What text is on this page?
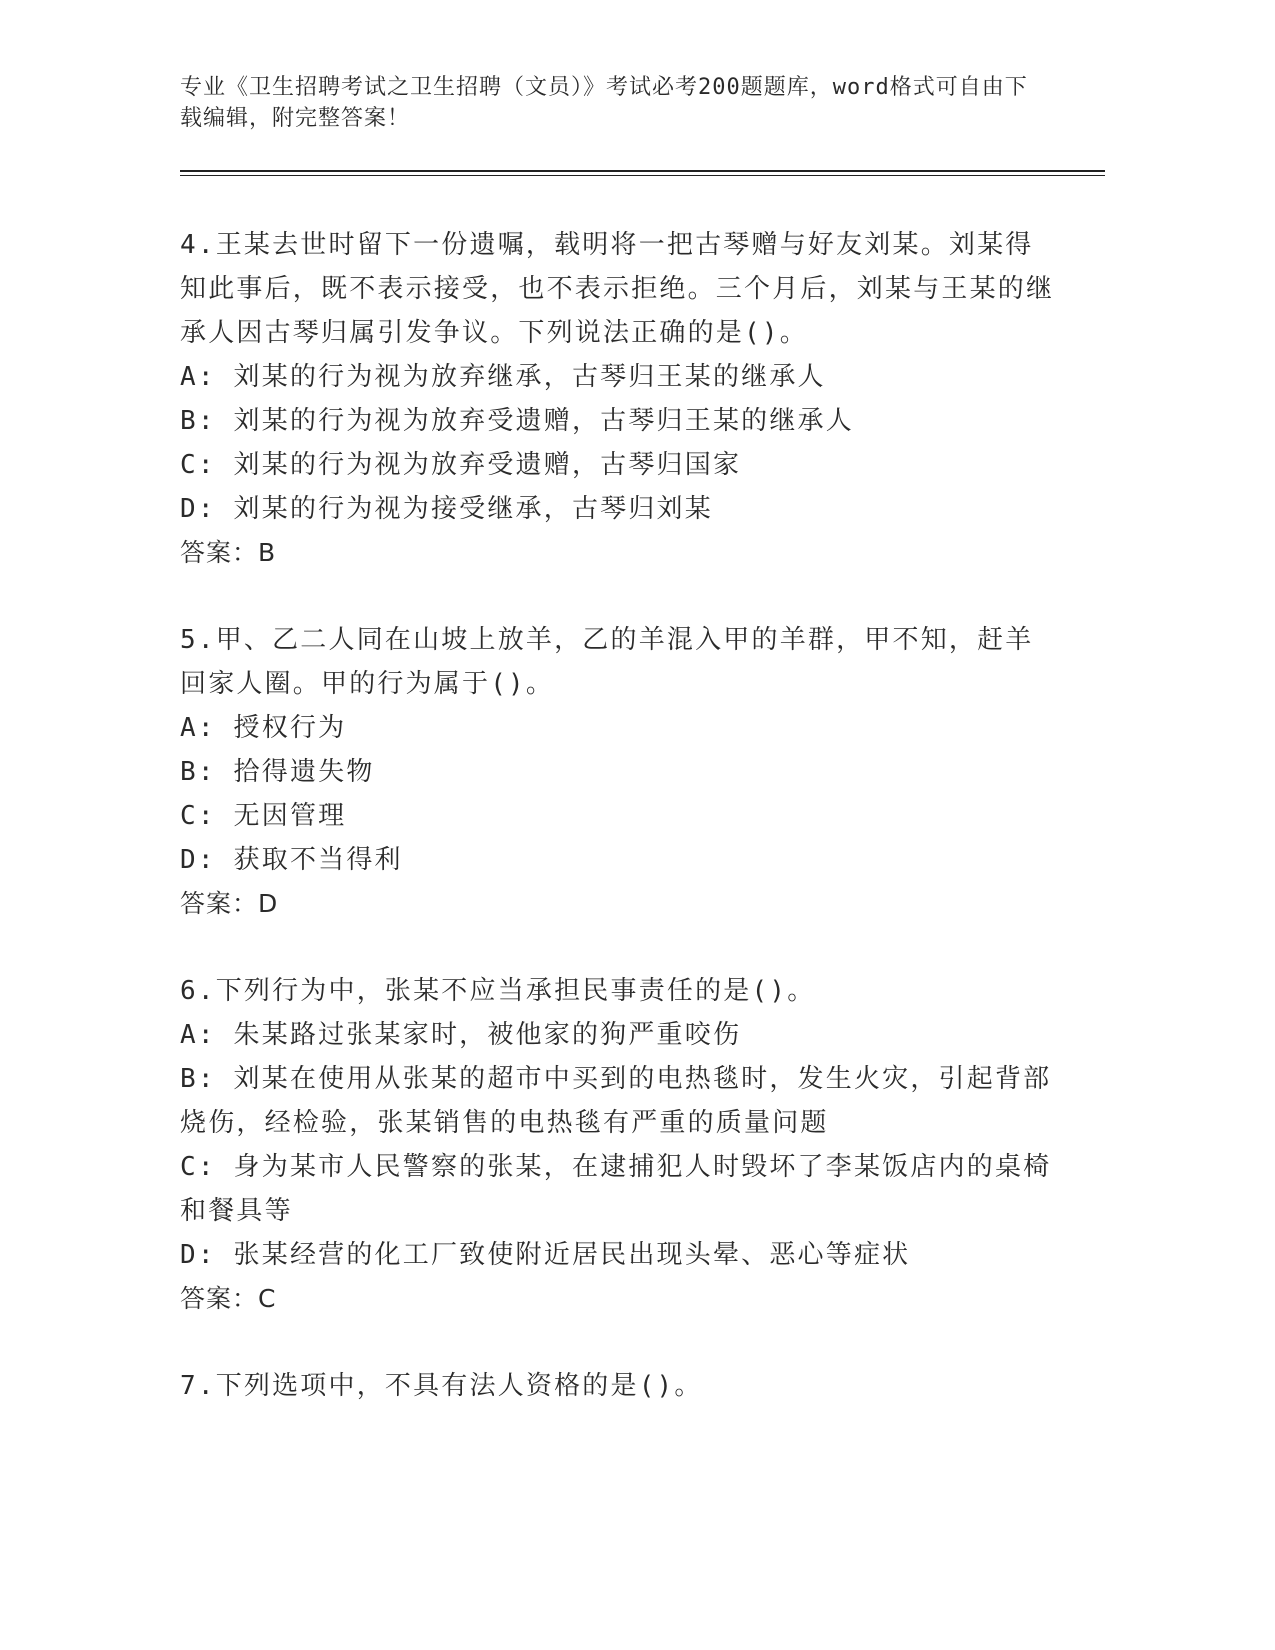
专业《卫生招聘考试之卫生招聘（文员）》考试必考200题题库，word格式可自由下载编辑，附完整答案！
4.王某去世时留下一份遗嘱，载明将一把古琴赠与好友刘某。刘某得知此事后，既不表示接受，也不表示拒绝。三个月后，刘某与王某的继承人因古琴归属引发争议。下列说法正确的是()。
A: 刘某的行为视为放弃继承，古琴归王某的继承人
B: 刘某的行为视为放弃受遗赠，古琴归王某的继承人
C: 刘某的行为视为放弃受遗赠，古琴归国家
D: 刘某的行为视为接受继承，古琴归刘某
答案：B
5.甲、乙二人同在山坡上放羊，乙的羊混入甲的羊群，甲不知，赶羊回家人圈。甲的行为属于()。
A: 授权行为
B: 拾得遗失物
C: 无因管理
D: 获取不当得利
答案：D
6.下列行为中，张某不应当承担民事责任的是()。
A: 朱某路过张某家时，被他家的狗严重咬伤
B: 刘某在使用从张某的超市中买到的电热毯时，发生火灾，引起背部烧伤，经检验，张某销售的电热毯有严重的质量问题
C: 身为某市人民警察的张某，在逮捕犯人时毁坏了李某饭店内的桌椅和餐具等
D: 张某经营的化工厂致使附近居民出现头晕、恶心等症状
答案：C
7.下列选项中，不具有法人资格的是()。
